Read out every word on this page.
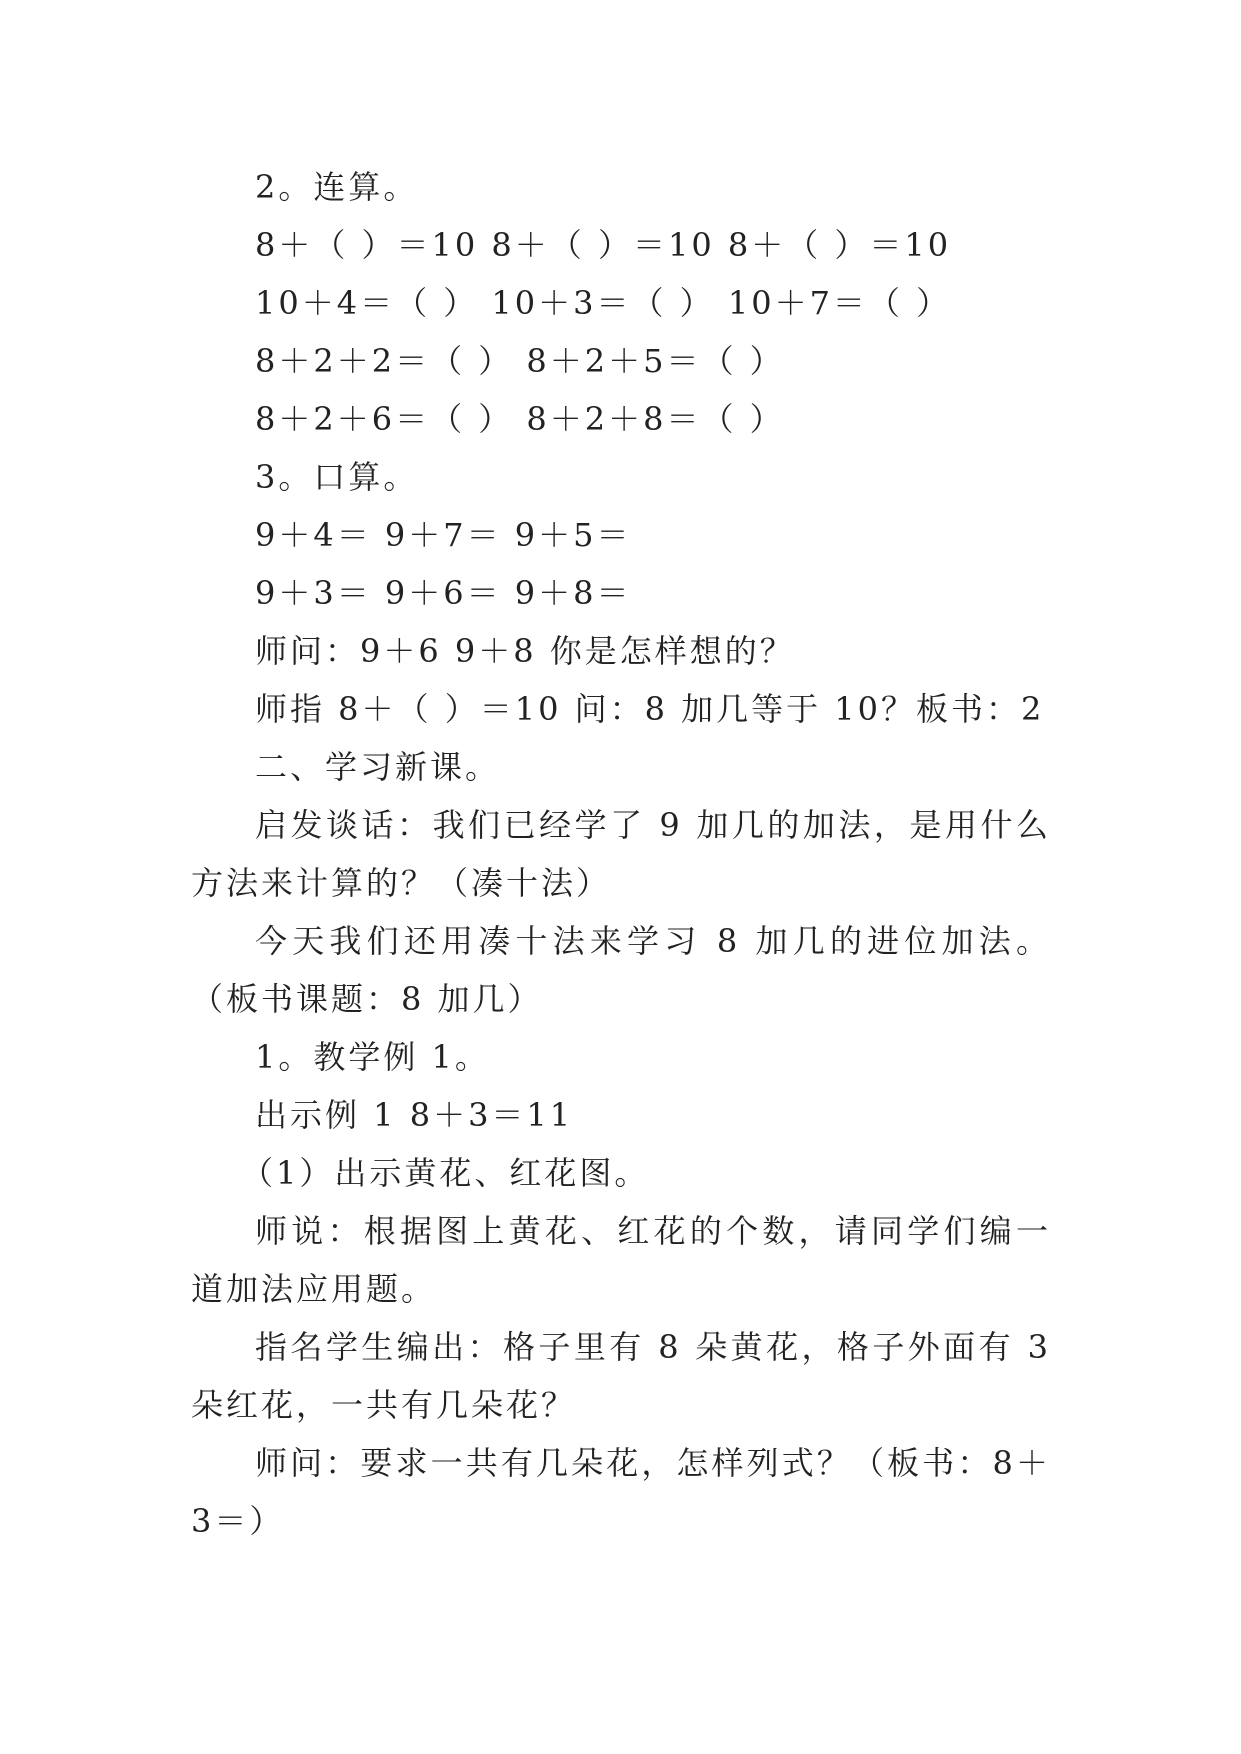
2。连算。

8＋（ ）＝10 8＋（ ）＝10 8＋（ ）＝10

10＋4＝（ ） 10＋3＝（ ） 10＋7＝（ ）

8＋2＋2＝（ ） 8＋2＋5＝（ ）

8＋2＋6＝（ ） 8＋2＋8＝（ ）

3。口算。

9＋4＝ 9＋7＝ 9＋5＝

9＋3＝ 9＋6＝ 9＋8＝

师问：9＋6 9＋8 你是怎样想的？

师指 8＋（ ）＝10 问：8 加几等于 10？板书：2

二、学习新课。

启发谈话：我们已经学了 9 加几的加法，是用什么方法来计算的？（凑十法）

今天我们还用凑十法来学习 8 加几的进位加法。（板书课题：8 加几）

1。教学例 1。

出示例 1 8＋3＝11

（1）出示黄花、红花图。

师说：根据图上黄花、红花的个数，请同学们编一道加法应用题。

指名学生编出：格子里有 8 朵黄花，格子外面有 3 朵红花，一共有几朵花？

师问：要求一共有几朵花，怎样列式？（板书：8＋3＝）
